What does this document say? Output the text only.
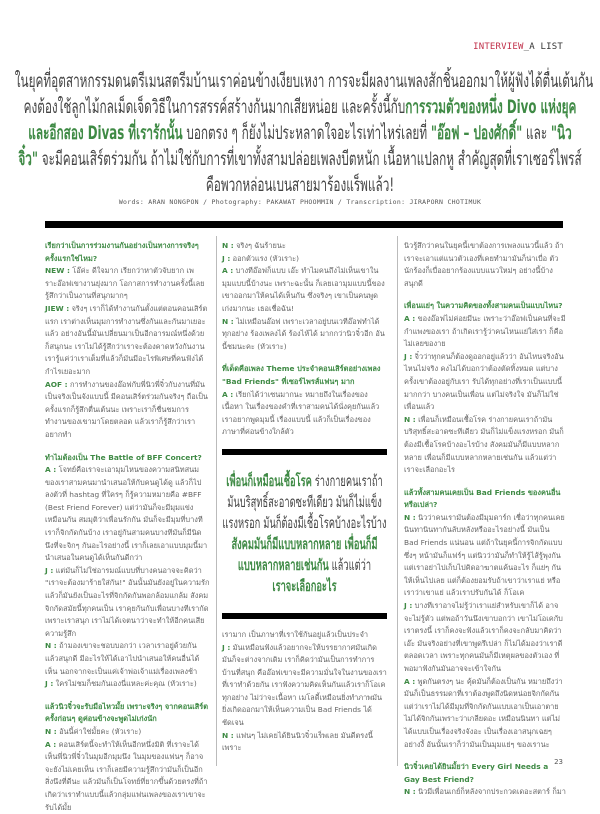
INTERVIEW_A LIST
ในยุคที่อุตสาหกรรมดนตรีเมนสตรีมบ้านเราค่อนข้างเงียบเหงา การจะมีผลงานเพลงสักชิ้นออกมาให้ผู้ฟังได้ตื่นเต้นกัน
คงต้องใช้ลูกไม้กลเม็ดเจ็ดวิธีในการสรรค์สร้างกันมากเสียหน่อย และครั้งนี้กับการรวมตัวของหนึ่ง Divo แห่งยุค
และอีกสอง Divas ที่เรารักนั้น บอกตรง ๆ ก็ยังไม่ประหลาดใจอะไรเท่าไหร่เลยที่ "อ๊อฟ – ปองศักดิ์" และ "นิว
จิ๋ว" จะมีคอนเสิร์ตร่วมกัน ถ้าไม่ใช่กับการที่เขาทั้งสามปล่อยเพลงบีตหนัก เนื้อหาแปลกหู สำคัญสุดที่เราเซอร์ไพรส์
คือพวกหล่อนเบนสายมาร้องแร็พแล้ว!
Words: ARAN NONGPON / Photography: PAKAWAT PHOOMMIN / Transcription: JIRAPORN CHOTIMUK
เรียกว่าเป็นการร่วมงานกันอย่างเป็นทางการจริงๆ ครั้งแรกใช่ไหม?
NEW : โอ๊ค่ะ ดีใจมาก เรียกว่าหาตัวจับยาก เพราะอ๊อฟเขางานยุ่งมาก โอกาสการทำงานครั้งนี้เลยรู้สึกว่าเป็นงานที่สนุกมากๆ
JIEW : จริงๆ เราก็ได้ทำงานกันตั้งแต่ตอนคอนเสิร์ตแรก เราต่างเห็นมุมการทำงานซึ่งกันและกันมาเยอะแล้ว อย่างอันนี้มันเปลี่ยนมาเป็นอีกอารมณ์หนึ่งด้วย ก็สนุกนะ เราไม่ได้รู้สึกว่าเราจะต้องคาดหวังกันงาน เรารู้แค่ว่าเราเต็มที่แล้วก็มันมีอะไรพิเศษที่คนฟังได้กำไรเยอะมาก
AOF : การทำงานของอ๊อฟกับพี่นิวพี่จิ๋วกับงานที่มันเป็นจริงเป็นจังแบบนี้ มีคอนเสิร์ตร่วมกันจริงๆ ถือเป็นครั้งแรกก็รู้สึกตื่นเต้นนะ เพราะเราก็ชื่นชมการทำงานของเขามาโดยตลอด แล้วเราก็รู้สึกว่าเราอยากทำ
ทำไมต้องเป็น The Battle of BFF Concert?
A : โจทย์คือเราจะเอามุมไหนของความสนิทสนมของเราสามคนมานำเสนอให้กับคนดูได้ดู แล้วก็ไปลงตัวที่ hashtag ที่ใครๆ ก็รู้ความหมายคือ #BFF (Best Friend Forever) แต่ว่ามันก็จะมีมุมแข่งเหมือนกัน สมมุติว่าเพื่อนรักกัน มันก็จะมีมุมที่บางทีเราก็จิกกัดกันบ้าง เราอยู่กันสามคนบางทีมันก็มีนิดนึงที่จะจิกๆ กันอะไรอย่างนี้ เราก็เลยเอาแบบมุมนี้มานำเสนอในคนดูได้เห็นกันดีกว่า
J : แต่มันก็ไม่ใช่อารมณ์แบบที่บางคนอาจจะคิดว่า "เราจะต้องมาร้ายใส่กัน!" อันนั้นมันยังอยู่ในความรักแล้วก็มันยังเป็นอะไรที่จิกกัดกันพอกล้อมแกล้ม สังคมจิกกัดสมัยนี้ทุกคนเป็น เราคุยกันกับเพื่อนบางทีเรากัด เพราะเราสนุก เราไม่ได้เจตนาว่าจะทำให้อีกคนเสียความรู้สึก
N : ถ้ามองเขาจะชอบบอกว่า เวลาเราอยู่ด้วยกันแล้วสนุกดี มีอะไรให้ได้เอาไปนำเสนอให้คนอื่นได้เห็น นอกจากจะเป็นแค่เจ้าพ่อเจ้าแม่เรื่องเพลงช้า
J : ใครไม่ชมก็ชมกันเองนี่แหละค่ะคุณ (หัวเราะ)
แล้วนิวจิ๋วจะรับมือไหวมั้ย เพราะจริงๆ จากคอนเสิร์ตครั้งก่อนๆ ดูค่อนข้างจะพูดไม่เก่งนัก
N : อันนี้ค่าใช่มั้ยคะ (หัวเราะ)
A : คอนเสิร์ตนี้จะทำให้เห็นอีกหนึ่งมิติ ที่เราจะได้เห็นพี่นิวพี่จิ๋วในมุมอีกมุมนึง ในมุมของแฟนๆ ก็อาจจะยังไม่เคยเห็น เราก็เลยมีความรู้สึกว่ามันก็เป็นอีกสิ่งนึงที่ดีนะ แล้วมันก็เป็นโจทย์ที่ยากขึ้นด้วยตรงที่ถ้าเกิดว่าเราทำแบบนี้แล้วกลุ่มแฟนเพลงของเราเขาจะรับได้มั้ย
N : จริงๆ ฉันร้ายนะ
J : ออกตัวแรง (หัวเราะ)
A : บางทีอ๊อฟก็แบบ เอ๊ะ ทำไมคนถึงไม่เห็นเขาในมุมแบบนี้บ้างนะ เพราะฉะนั้น ก็เลยเอามุมแบบนี้ของเขาออกมาให้คนได้เห็นกัน ซึ่งจริงๆ เขาเป็นคนพูดเก่งมากนะ เธอเชื่อฉัน!
N : ไม่เหมือนอ๊อฟ เพราะเวลาอยู่บนเวทีอ๊อฟทำได้ทุกอย่าง ร้องเพลงได้ ร้องไห้ได้ มากกว่านิวจิ๋วอีก อันนี้ชมนะคะ (หัวเราะ)
ที่เด็ดคือเพลง Theme ประจำคอนเสิร์ตอย่างเพลง "Bad Friends" ที่เซอร์ไพรส์แฟนๆ มาก
A : เรียกได้ว่าเซนมากนะ หมายถึงในเรื่องของเนื้อหา ในเรื่องของคำที่เราสามคนได้นั่งคุยกันแล้ว เราอยากพูดมุมนี้ เรื่องแบบนี้ แล้วก็เป็นเรื่องของภาษาที่ค่อนข้างใกล้ตัว
เพื่อนก็เหมือนเชื้อโรค ร่างกายคนเราถ้า
มันบริสุทธิ์สะอาดซะทีเดียว มันก็ไม่แข็ง
แรงหรอก มันก็ต้องมีเชื้อโรคบ้างอะไรบ้าง
สังคมมันก็มีแบบหลากหลาย เพื่อนก็มี
แบบหลากหลายเช่นกัน แล้วแต่ว่า
เราจะเลือกอะไร
เรามาก เป็นภาษาที่เราใช้กันอยู่แล้วเป็นประจำ
J : มันเหมือนฟังแล้วอยากจะให้บรรยากาศมันเกิด มันก็จะต่างจากเดิม เราก็คิดว่ามันเป็นการทำการบ้านที่สนุก คืออ๊อฟเขาจะมีความมั่นใจในงานของเราที่เราทำด้วยกัน เราฟังความคิดเห็นกันแล้วเราก็โอเคทุกอย่าง ไม่ว่าจะเนื้อหา เมโลดี้เหมือนยิ่งทำภาพมันยิ่งเกิดออกมาให้เห็นความเป็น Bad Friends ได้ชัดเจน
N : แฟนๆ ไม่เคยได้ยินนิวจิ๋วแร็พเลย มันดีตรงนี้ เพราะ
นิวรู้สึกว่าคนในยุคนี้เขาต้องการเพลงแนวนี้แล้ว ถ้าเราจะเอาแต่แนวตัวเองที่เคยทำมามันก็น่าเบื่อ ตัวนักร้องก็เบื่ออยากร้องแบบแนวใหม่ๆ อย่างนี้บ้าง สนุกดี
เพื่อนแย่ๆ ในความคิดของทั้งสามคนเป็นแบบไหน?
A : ของอ๊อฟไม่ค่อยมีนะ เพราะว่าอ๊อฟเป็นคนที่จะมีกำแพงของเรา ถ้าเกิดเรารู้ว่าคนไหนแย่ใส่เรา ก็คือไม่เลยของาย
J : จิ๋วว่าทุกคนก็ต้องดูออกอยู่แล้วว่า อันไหนจริงอันไหนไม่จริง คงไม่ได้บอกว่าต้องตัดทิ้งหมด แต่บางครั้งเขาต้องอยู่กับเรา รับได้ทุกอย่างที่เราเป็นแบบนี้มากกว่า บางคนเป็นเพื่อน แต่ไม่จริงใจ มันก็ไม่ใช่เพื่อนแล้ว
N : เพื่อนก็เหมือนเชื้อโรค ร่างกายคนเราถ้ามันบริสุทธิ์สะอาดซะทีเดียว มันก็ไม่แข็งแรงหรอก มันก็ต้องมีเชื้อโรคบ้างอะไรบ้าง สังคมมันก็มีแบบหลากหลาย เพื่อนก็มีแบบหลากหลายเช่นกัน แล้วแต่ว่าเราจะเลือกอะไร
แล้วทั้งสามคนเคยเป็น Bad Friends ของคนอื่นหรือเปล่า?
N : นิวว่าคนเรามันต้องมีมุมดาร์ก เชื่อว่าทุกคนเคยนินทานินทากันลับหลังหรืออะไรอย่างนี้ มันเป็น Bad Friends แน่นอน แต่ถ้าในยุคนี้การจิกกัดแบบซึ่งๆ หน้ามันก็แฟร์ๆ แต่นิวว่ามันก็ทำให้รู้ไส้รู้พุงกัน แต่เราอย่าไปเก็บไปคิดอาฆาตแค้นอะไร ก็แย่ๆ กันให้เห็นไปเลย แต่ก็ต้องยอมรับถ้าเขาว่าเราแย่ หรือเราว่าเขาแย่ แล้วเราปรับกันได้ ก็โอเค
J : บางทีเราอาจไม่รู้ว่าเราแย่สำหรับเขาก็ได้ อาจจะไม่รู้ตัว แต่พอถ้าวันนึงเขาบอกว่า เขาไม่โอเคกับเราตรงนี้ เราก็คงจะฟังแล้วเราก็คงจะกลับมาคิดว่า เอ๊ะ มันจริงอย่างที่เขาพูดรึเปล่า ก็ไม่ได้มองว่าเราดีตลอดเวลา เพราะทุกคนมันก็มีเหตุผลของตัวเอง ที่พอมาฟังกันมันอาจจะเข้าใจกัน
A : พูดกันตรงๆ นะ คุ้ดมันก็ต้องเป็นกัน หมายถึงว่ามันก็เป็นธรรมดาที่เราต้องพูดถึงนิดหน่อยจิกกัดกัน แต่ว่าเราไม่ได้มีมุมที่จิกกัดกันแบบเอาเป็นเอาตาย ไม่ได้จิกกันเพราะว่าเกลียดอะ เหมือนนินทา แต่ไม่ได้แบบเป็นเรื่องจริงจังอะ เป็นเรื่องเอาสนุกเฉยๆ อย่างงี้ อันนั้นเราก็ว่ามันเป็นมุมแย่ๆ ของเรานะ
นิวจิ๋วเคยได้ยินมั้ยว่า Every Girl Needs a Gay Best Friend?
N : นิวมีเพื่อนเกย์ก็หลังจากประกวดเดอะสตาร์ ก็มา
23
